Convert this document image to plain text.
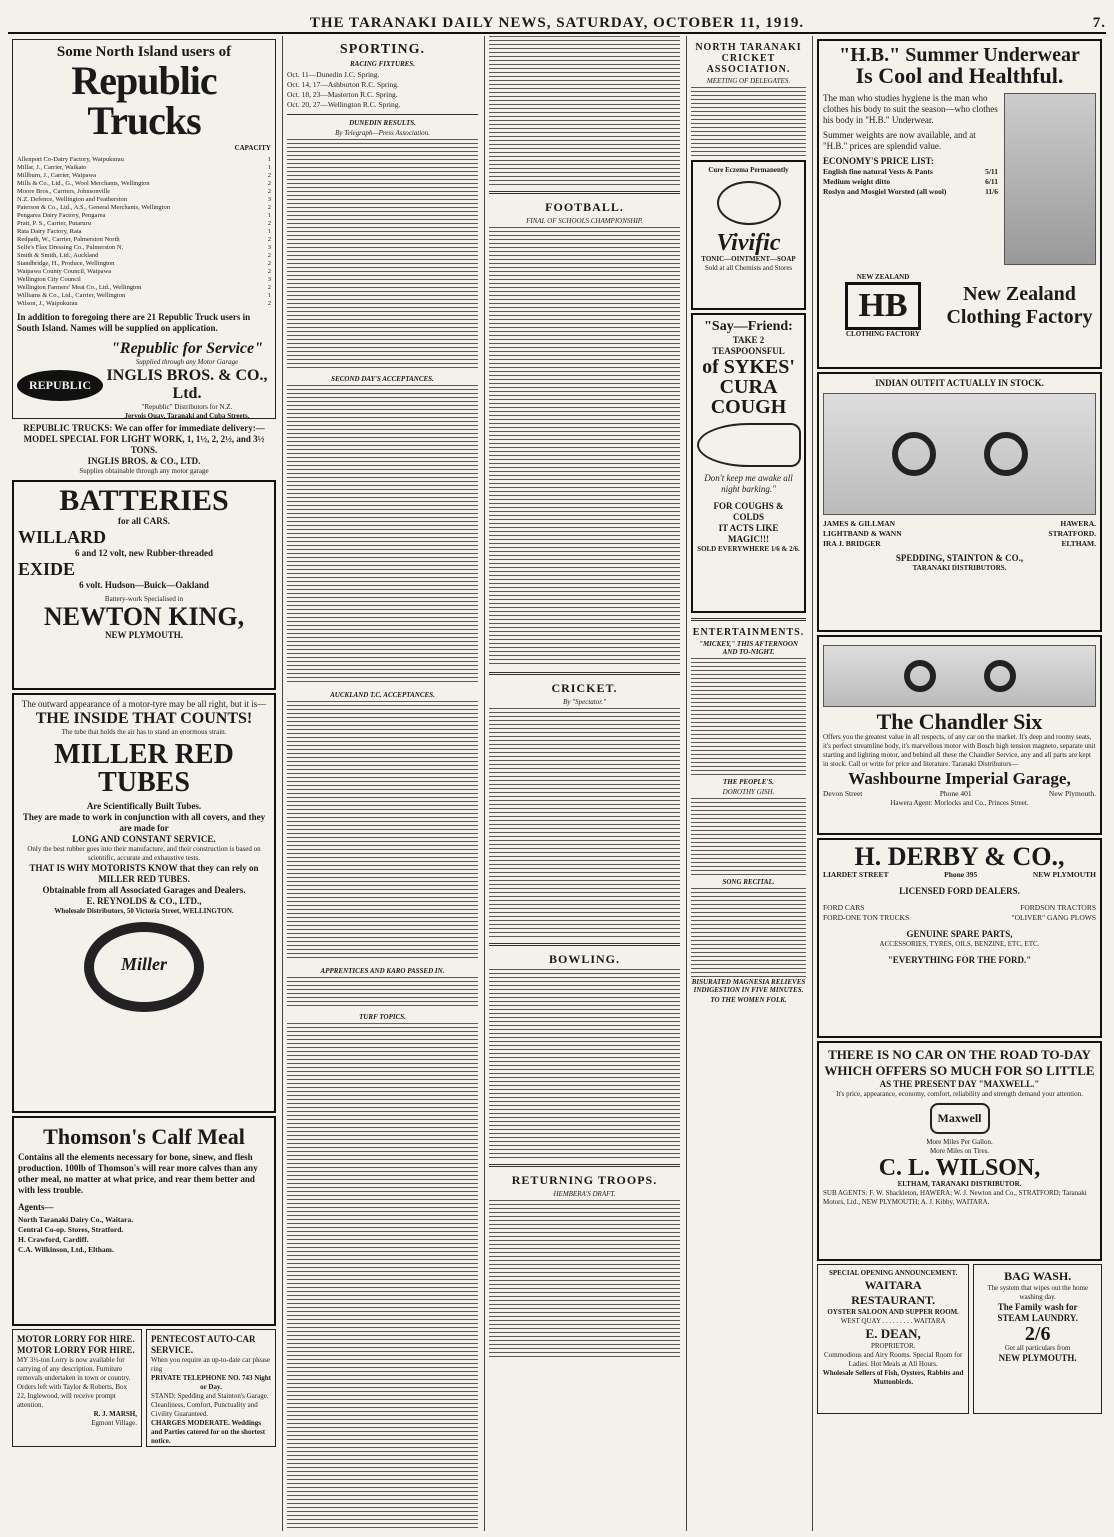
THE TARANAKI DAILY NEWS, SATURDAY, OCTOBER 11, 1919.	7.
Some North Island users of
Republic Trucks
CAPACITY
Allenport Co-Dairy Factory, Waipukurau	1
Millar, J., Carrier, Waikato	1
Millburn, J., Carrier, Waipawa	2
Mills & Co., Ltd., G., Wool Merchants, Wellington	2
Moore Bros., Carriers, Johnsonville	2
N.Z. Defence, Wellington and Featherston	3
Paterson & Co., Ltd., A.S., General Merchants, Wellington	2
Pengarea Dairy Factory, Pengarea	1
Pratt, P. S., Carrier, Putaruru	2
Rata Dairy Factory, Rata	1
Redpath, W., Carrier, Palmerston North	2
Selfe's Flax Dressing Co., Palmerston N.	3
Smith & Smith, Ltd., Auckland	2
Standbridge, H., Produce, Wellington	2
Waipawa County Council, Waipawa	2
Wellington City Council	3
Wellington Farmers' Meat Co., Ltd., Wellington	2
Williams & Co., Ltd., Carrier, Wellington	1
Wilson, J., Waipukurau	2
In addition to foregoing there are 21 Republic Truck users in South Island. Names will be supplied on application.
REPUBLIC
"Republic for Service"
Supplied through any Motor Garage
INGLIS BROS. & CO., Ltd.
"Republic" Distributors for N.Z.
Jervois Quay, Taranaki and Cuba Streets,
REPUBLIC TRUCKS: We can offer for immediate delivery:—
MODEL SPECIAL FOR LIGHT WORK, 1, 1½, 2, 2½, and 3½ TONS.
INGLIS BROS. & CO., LTD.
Supplies obtainable through any motor garage
BATTERIES
for all CARS.
WILLARD
6 and 12 volt, new Rubber-threaded
EXIDE
6 volt. Hudson—Buick—Oakland
Battery-work Specialised in
NEWTON KING,
NEW PLYMOUTH.
The outward appearance of a motor-tyre may be all right, but it is—
THE INSIDE THAT COUNTS!
The tube that holds the air has to stand an enormous strain.
MILLER RED TUBES
Are Scientifically Built Tubes.
They are made to work in conjunction with all covers, and they are made for
LONG AND CONSTANT SERVICE.
Only the best rubber goes into their manufacture, and their construction is based on scientific, accurate and exhaustive tests.
THAT IS WHY MOTORISTS KNOW that they can rely on MILLER RED TUBES.
Obtainable from all Associated Garages and Dealers.
E. REYNOLDS & CO., LTD.,
Wholesale Distributors, 50 Victoria Street, WELLINGTON.
Miller
Thomson's Calf Meal
Contains all the elements necessary for bone, sinew, and flesh production. 100lb of Thomson's will rear more calves than any other meal, no matter at what price, and rear them better and with less trouble.
Agents—
North Taranaki Dairy Co., Waitara.
Central Co-op. Stores, Stratford.
H. Crawford, Cardiff.
C.A. Wilkinson, Ltd., Eltham.
MOTOR LORRY FOR HIRE.
MOTOR LORRY FOR HIRE.
MY 3½-ton Lorry is now available for carrying of any description. Furniture removals undertaken in town or country.
Orders left with Taylor & Roberts, Box 22, Inglewood, will receive prompt attention.
R. J. MARSH,
Egmont Village.
PENTECOST AUTO-CAR SERVICE.
When you require an up-to-date car please ring
PRIVATE TELEPHONE NO. 743 Night or Day.
STAND: Spedding and Stainton's Garage. Cleanliness, Comfort, Punctuality and Civility Guaranteed.
CHARGES MODERATE. Weddings and Parties catered for on the shortest notice.
SPORTING.
RACING FIXTURES.
Oct. 11—Dunedin J.C. Spring.
Oct. 14, 17—Ashburton R.C. Spring.
Oct. 18, 23—Masterton R.C. Spring.
Oct. 20, 27—Wellington R.C. Spring.
DUNEDIN RESULTS.
By Telegraph—Press Association.
SECOND DAY'S ACCEPTANCES.
AUCKLAND T.C. ACCEPTANCES.
APPRENTICES AND KARO PASSED IN.
TURF TOPICS.
FOOTBALL.
FINAL OF SCHOOLS CHAMPIONSHIP.
CRICKET.
By "Spectator."
BOWLING.
RETURNING TROOPS.
HEMBERA'S DRAFT.
NORTH TARANAKI CRICKET ASSOCIATION.
MEETING OF DELEGATES.
Cure Eczema Permanently
Vivific
TONIC—OINTMENT—SOAP
Sold at all Chemists and Stores
"Say—Friend:
TAKE 2 TEASPOONSFUL
of SYKES' CURA COUGH
Don't keep me awake all night barking."
FOR COUGHS & COLDS
IT ACTS LIKE MAGIC!!!
SOLD EVERYWHERE 1/6 & 2/6.
ENTERTAINMENTS.
"MICKEY," THIS AFTERNOON AND TO-NIGHT.
THE PEOPLE'S.
DOROTHY GISH.
SONG RECITAL.
BISURATED MAGNESIA RELIEVES INDIGESTION IN FIVE MINUTES.
TO THE WOMEN FOLK.
"H.B." Summer Underwear
Is Cool and Healthful.
The man who studies hygiene is the man who clothes his body to suit the season—who clothes his body in "H.B." Underwear.
Summer weights are now available, and at "H.B." prices are splendid value.
ECONOMY'S PRICE LIST:
English fine natural Vests & Pants	5/11
Medium weight ditto	6/11
Roslyn and Mosgiel Worsted (all wool)	11/6
NEW ZEALAND
HB
CLOTHING FACTORY
New Zealand
Clothing Factory
INDIAN OUTFIT ACTUALLY IN STOCK.
JAMES & GILLMAN	HAWERA.
LIGHTBAND & WANN	STRATFORD.
IRA J. BRIDGER	ELTHAM.
SPEDDING, STAINTON & CO.,
TARANAKI DISTRIBUTORS.
The Chandler Six
Offers you the greatest value in all respects, of any car on the market. It's deep and roomy seats, it's perfect streamline body, it's marvellous motor with Bosch high tension magneto, separate unit starting and lighting motor, and behind all these the Chandler Service, any and all parts are kept in stock. Call or write for price and literature. Taranaki Distributors—
Washbourne Imperial Garage,
Devon Street	Phone 401	New Plymouth.
Hawera Agent: Morlocks and Co., Princes Street.
H. DERBY & CO.,
LIARDET STREET	Phone 395	NEW PLYMOUTH
LICENSED FORD DEALERS.
FORD CARS	FORDSON TRACTORS
FORD-ONE TON TRUCKS	"OLIVER" GANG PLOWS
GENUINE SPARE PARTS,
ACCESSORIES, TYRES, OILS, BENZINE, ETC, ETC.
"EVERYTHING FOR THE FORD."
THERE IS NO CAR ON THE ROAD TO-DAY WHICH OFFERS SO MUCH FOR SO LITTLE
AS THE PRESENT DAY "MAXWELL."
It's price, appearance, economy, comfort, reliability and strength demand your attention.
Maxwell
More Miles Per Gallon.
More Miles on Tires.
C. L. WILSON,
ELTHAM, TARANAKI DISTRIBUTOR.
SUB AGENTS: F. W. Shackleton, HAWERA; W. J. Newton and Co., STRATFORD; Taranaki Motors, Ltd., NEW PLYMOUTH; A. J. Kibby, WAITARA.
SPECIAL OPENING ANNOUNCEMENT.
WAITARA RESTAURANT.
OYSTER SALOON AND SUPPER ROOM.
WEST QUAY . . . . . . . . . WAITARA
E. DEAN,
PROPRIETOR.
Commodious and Airy Rooms. Special Room for Ladies. Hot Meals at All Hours.
Wholesale Sellers of Fish, Oysters, Rabbits and Muttonbirds.
BAG WASH.
The system that wipes out the home washing day.
The Family wash for
STEAM LAUNDRY.
2/6
Get all particulars from
NEW PLYMOUTH.
